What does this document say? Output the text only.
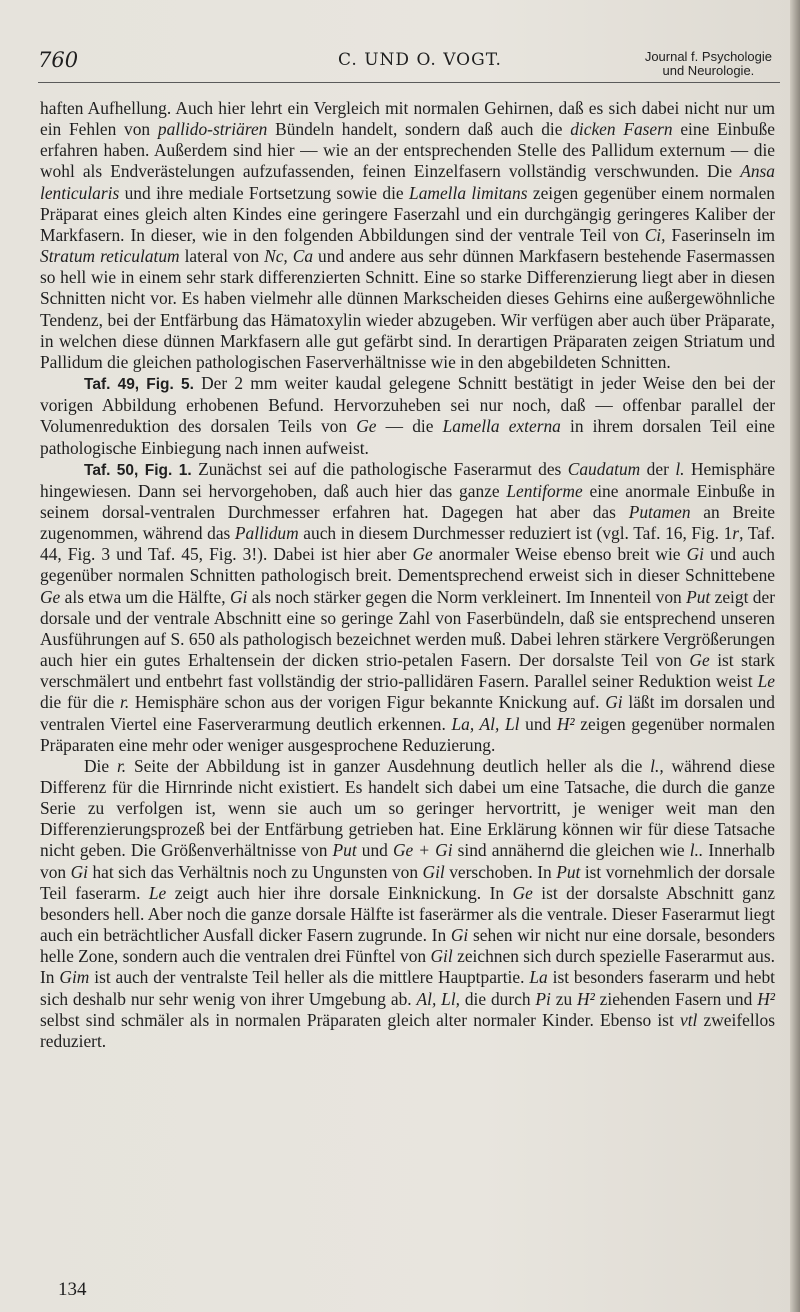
760	C. UND O. VOGT.	Journal f. Psychologie
und Neurologie.

haften Aufhellung. Auch hier lehrt ein Vergleich mit normalen Gehirnen, daß es sich dabei nicht nur um ein Fehlen von pallido-striären Bündeln handelt, sondern daß auch die dicken Fasern eine Einbuße erfahren haben. Außerdem sind hier — wie an der entsprechenden Stelle des Pallidum externum — die wohl als Endverästelungen aufzufassenden, feinen Einzelfasern vollständig verschwunden. Die Ansa lenticularis und ihre mediale Fortsetzung sowie die Lamella limitans zeigen gegenüber einem normalen Präparat eines gleich alten Kindes eine geringere Faserzahl und ein durchgängig geringeres Kaliber der Markfasern. In dieser, wie in den folgenden Abbildungen sind der ventrale Teil von Ci, Faserinseln im Stratum reticulatum lateral von Nc, Ca und andere aus sehr dünnen Markfasern bestehende Fasermassen so hell wie in einem sehr stark differenzierten Schnitt. Eine so starke Differenzierung liegt aber in diesen Schnitten nicht vor. Es haben vielmehr alle dünnen Markscheiden dieses Gehirns eine außergewöhnliche Tendenz, bei der Entfärbung das Hämatoxylin wieder abzugeben. Wir verfügen aber auch über Präparate, in welchen diese dünnen Markfasern alle gut gefärbt sind. In derartigen Präparaten zeigen Striatum und Pallidum die gleichen pathologischen Faserverhältnisse wie in den abgebildeten Schnitten.

Taf. 49, Fig. 5. Der 2 mm weiter kaudal gelegene Schnitt bestätigt in jeder Weise den bei der vorigen Abbildung erhobenen Befund. Hervorzuheben sei nur noch, daß — offenbar parallel der Volumenreduktion des dorsalen Teils von Ge — die Lamella externa in ihrem dorsalen Teil eine pathologische Einbiegung nach innen aufweist.

Taf. 50, Fig. 1. Zunächst sei auf die pathologische Faserarmut des Caudatum der l. Hemisphäre hingewiesen. Dann sei hervorgehoben, daß auch hier das ganze Lentiforme eine anormale Einbuße in seinem dorsal-ventralen Durchmesser erfahren hat. Dagegen hat aber das Putamen an Breite zugenommen, während das Pallidum auch in diesem Durchmesser reduziert ist (vgl. Taf. 16, Fig. 1r, Taf. 44, Fig. 3 und Taf. 45, Fig. 3!). Dabei ist hier aber Ge anormaler Weise ebenso breit wie Gi und auch gegenüber normalen Schnitten pathologisch breit. Dementsprechend erweist sich in dieser Schnittebene Ge als etwa um die Hälfte, Gi als noch stärker gegen die Norm verkleinert. Im Innenteil von Put zeigt der dorsale und der ventrale Abschnitt eine so geringe Zahl von Faserbündeln, daß sie entsprechend unseren Ausführungen auf S. 650 als pathologisch bezeichnet werden muß. Dabei lehren stärkere Vergrößerungen auch hier ein gutes Erhaltensein der dicken strio-petalen Fasern. Der dorsalste Teil von Ge ist stark verschmälert und entbehrt fast vollständig der strio-pallidären Fasern. Parallel seiner Reduktion weist Le die für die r. Hemisphäre schon aus der vorigen Figur bekannte Knickung auf. Gi läßt im dorsalen und ventralen Viertel eine Faserverarmung deutlich erkennen. La, Al, Ll und H² zeigen gegenüber normalen Präparaten eine mehr oder weniger ausgesprochene Reduzierung.

Die r. Seite der Abbildung ist in ganzer Ausdehnung deutlich heller als die l., während diese Differenz für die Hirnrinde nicht existiert. Es handelt sich dabei um eine Tatsache, die durch die ganze Serie zu verfolgen ist, wenn sie auch um so geringer hervortritt, je weniger weit man den Differenzierungsprozeß bei der Entfärbung getrieben hat. Eine Erklärung können wir für diese Tatsache nicht geben. Die Größenverhältnisse von Put und Ge + Gi sind annähernd die gleichen wie l.. Innerhalb von Gi hat sich das Verhältnis noch zu Ungunsten von Gil verschoben. In Put ist vornehmlich der dorsale Teil faserarm. Le zeigt auch hier ihre dorsale Einknickung. In Ge ist der dorsalste Abschnitt ganz besonders hell. Aber noch die ganze dorsale Hälfte ist faserärmer als die ventrale. Dieser Faserarmut liegt auch ein beträchtlicher Ausfall dicker Fasern zugrunde. In Gi sehen wir nicht nur eine dorsale, besonders helle Zone, sondern auch die ventralen drei Fünftel von Gil zeichnen sich durch spezielle Faserarmut aus. In Gim ist auch der ventralste Teil heller als die mittlere Hauptpartie. La ist besonders faserarm und hebt sich deshalb nur sehr wenig von ihrer Umgebung ab. Al, Ll, die durch Pi zu H² ziehenden Fasern und H² selbst sind schmäler als in normalen Präparaten gleich alter normaler Kinder. Ebenso ist vtl zweifellos reduziert.

134
